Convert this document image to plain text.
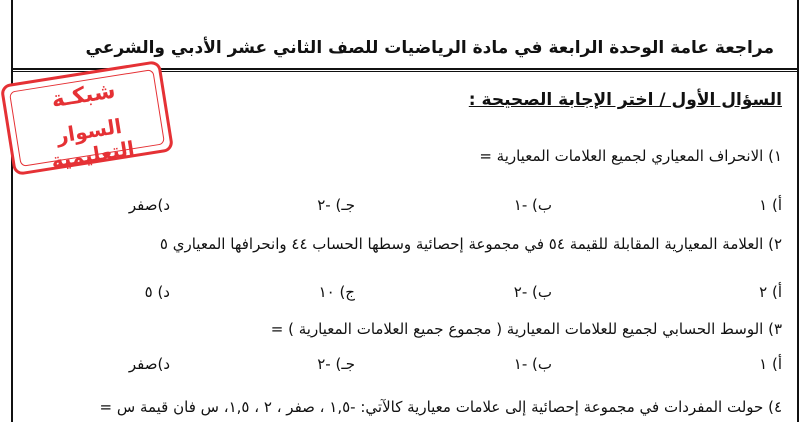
مراجعة عامة الوحدة الرابعة في مادة الرياضيات للصف الثاني عشر الأدبي والشرعي
شبكـة
السوار التعليمية
السؤال الأول / اختر الإجابة الصحيحة :
١) الانحراف المعياري لجميع العلامات المعيارية =
أ) ١
ب) -١
جـ) -٢
د)صفر
٢) العلامة المعيارية المقابلة للقيمة ٥٤ في مجموعة إحصائية وسطها الحساب ٤٤ وانحرافها المعياري ٥
أ) ٢
ب) -٢
ج) ١٠
د) ٥
٣) الوسط الحسابي لجميع للعلامات المعيارية ( مجموع جميع العلامات المعيارية ) =
أ) ١
ب) -١
جـ) -٢
د)صفر
٤) حولت المفردات في مجموعة إحصائية إلى علامات معيارية كالآتي: -١,٥ ، صفر ، ٢ ، ١,٥، س فان قيمة س =
